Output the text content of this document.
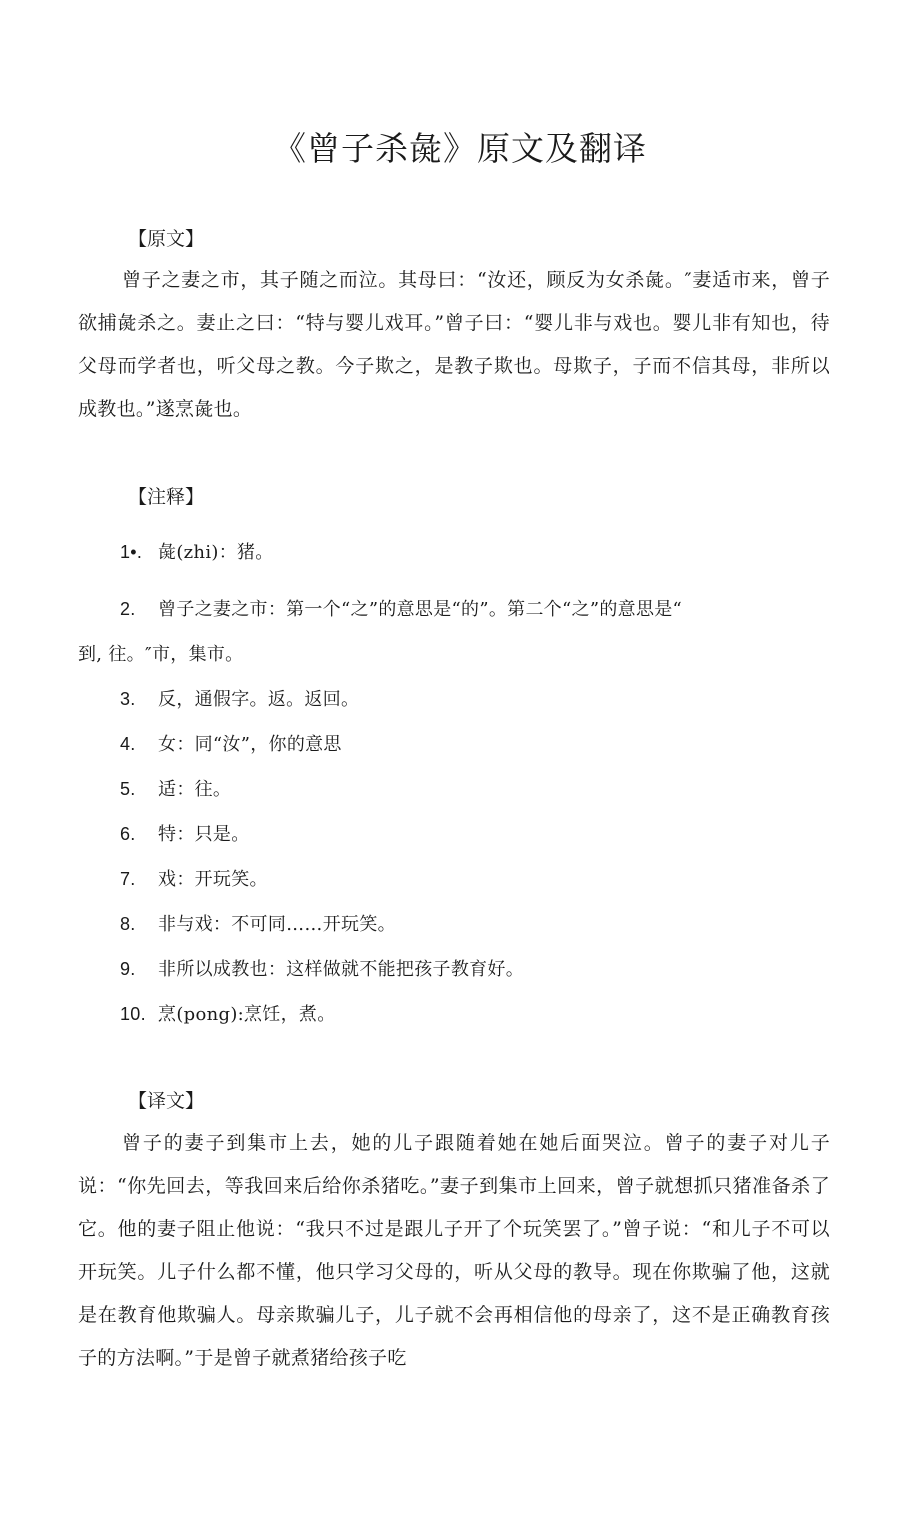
《曾子杀彘》原文及翻译
【原文】

曾子之妻之市，其子随之而泣。其母曰：“汝还，顾反为女杀彘。″妻适市来，曾子欲捕彘杀之。妻止之曰：“特与婴儿戏耳。”曾子曰：“婴儿非与戏也。婴儿非有知也，待父母而学者也，听父母之教。今子欺之，是教子欺也。母欺子，子而不信其母，非所以成教也。”遂烹彘也。

【注释】
1•. 彘(zhi)：猪。
2. 曾子之妻之市：第一个“之”的意思是“的”。第二个“之”的意思是“
到, 往。″市，集市。
3. 反，通假字。返。返回。
4. 女：同“汝”，你的意思
5. 适：往。
6. 特：只是。
7. 戏：开玩笑。
8. 非与戏：不可同……开玩笑。
9. 非所以成教也：这样做就不能把孩子教育好。
10. 烹(pong):烹饪，煮。
【译文】

曾子的妻子到集市上去，她的儿子跟随着她在她后面哭泣。曾子的妻子对儿子说：“你先回去，等我回来后给你杀猪吃。”妻子到集市上回来，曾子就想抓只猪准备杀了它。他的妻子阻止他说：“我只不过是跟儿子开了个玩笑罢了。”曾子说：“和儿子不可以开玩笑。儿子什么都不懂，他只学习父母的，听从父母的教导。现在你欺骗了他，这就是在教育他欺骗人。母亲欺骗儿子，儿子就不会再相信他的母亲了，这不是正确教育孩子的方法啊。”于是曾子就煮猪给孩子吃
